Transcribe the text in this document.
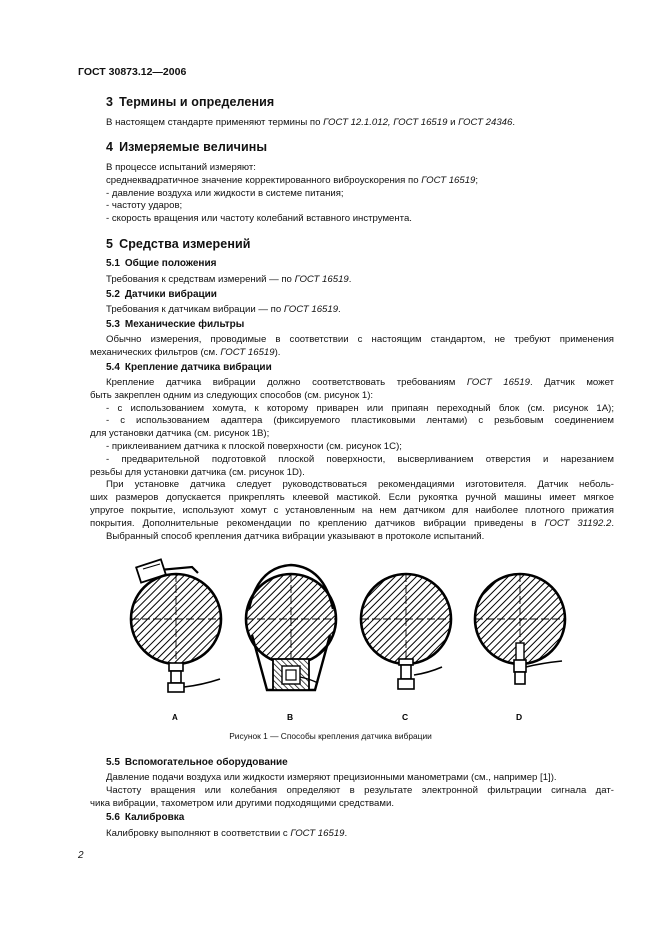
ГОСТ 30873.12—2006
3 Термины и определения
В настоящем стандарте применяют термины по ГОСТ 12.1.012, ГОСТ 16519 и ГОСТ 24346.
4 Измеряемые величины
В процессе испытаний измеряют:
среднеквадратичное значение корректированного виброускорения по ГОСТ 16519;
- давление воздуха или жидкости в системе питания;
- частоту ударов;
- скорость вращения или частоту колебаний вставного инструмента.
5 Средства измерений
5.1 Общие положения
Требования к средствам измерений — по ГОСТ 16519.
5.2 Датчики вибрации
Требования к датчикам вибрации — по ГОСТ 16519.
5.3 Механические фильтры
Обычно измерения, проводимые в соответствии с настоящим стандартом, не требуют применения
механических фильтров (см. ГОСТ 16519).
5.4 Крепление датчика вибрации
Крепление датчика вибрации должно соответствовать требованиям ГОСТ 16519. Датчик может
быть закреплен одним из следующих способов (см. рисунок 1):
- с использованием хомута, к которому приварен или припаян переходный блок (см. рисунок 1А);
- с использованием адаптера (фиксируемого пластиковыми лентами) с резьбовым соединением
для установки датчика (см. рисунок 1В);
- приклеиванием датчика к плоской поверхности (см. рисунок 1С);
- предварительной подготовкой плоской поверхности, высверливанием отверстия и нарезанием
резьбы для установки датчика (см. рисунок 1D).
При установке датчика следует руководствоваться рекомендациями изготовителя. Датчик неболь-
ших размеров допускается прикреплять клеевой мастикой. Если рукоятка ручной машины имеет мягкое
упругое покрытие, используют хомут с установленным на нем датчиком для наиболее плотного прижатия
покрытия. Дополнительные рекомендации по креплению датчиков вибрации приведены в ГОСТ 31192.2.
Выбранный способ крепления датчика вибрации указывают в протоколе испытаний.
A	B	C	D
Рисунок 1 — Способы крепления датчика вибрации
5.5 Вспомогательное оборудование
Давление подачи воздуха или жидкости измеряют прецизионными манометрами (см., например [1]).
Частоту вращения или колебания определяют в результате электронной фильтрации сигнала дат-
чика вибрации, тахометром или другими подходящими средствами.
5.6 Калибровка
Калибровку выполняют в соответствии с ГОСТ 16519.
2
